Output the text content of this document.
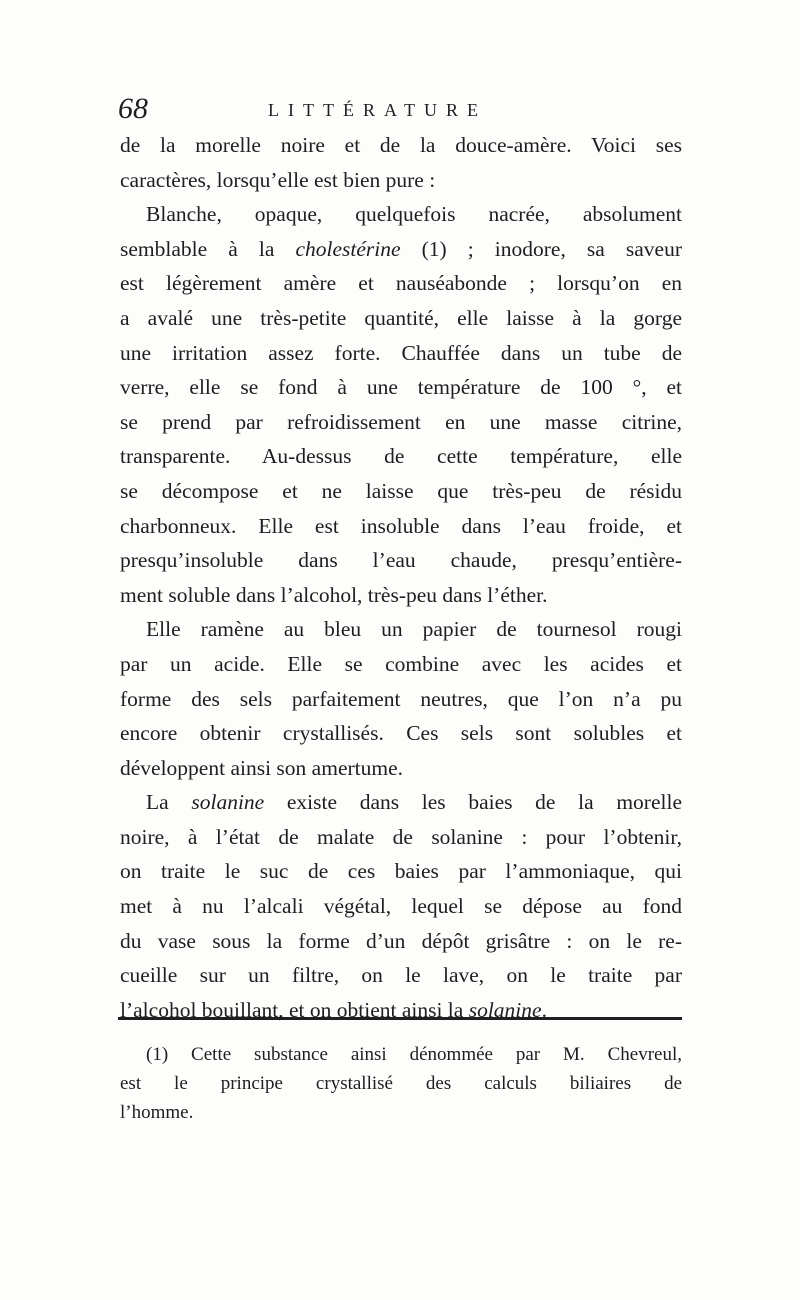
68	LITTÉRATURE
de la morelle noire et de la douce-amère. Voici ses
caractères, lorsqu’elle est bien pure :
Blanche, opaque, quelquefois nacrée, absolument
semblable à la cholestérine (1) ; inodore, sa saveur
est légèrement amère et nauséabonde ; lorsqu’on en
a avalé une très-petite quantité, elle laisse à la gorge
une irritation assez forte. Chauffée dans un tube de
verre, elle se fond à une température de 100 °, et
se prend par refroidissement en une masse citrine,
transparente. Au-dessus de cette température, elle
se décompose et ne laisse que très-peu de résidu
charbonneux. Elle est insoluble dans l’eau froide, et
presqu’insoluble dans l’eau chaude, presqu’entière-
ment soluble dans l’alcohol, très-peu dans l’éther.
Elle ramène au bleu un papier de tournesol rougi
par un acide. Elle se combine avec les acides et
forme des sels parfaitement neutres, que l’on n’a pu
encore obtenir crystallisés. Ces sels sont solubles et
développent ainsi son amertume.
La solanine existe dans les baies de la morelle
noire, à l’état de malate de solanine : pour l’obtenir,
on traite le suc de ces baies par l’ammoniaque, qui
met à nu l’alcali végétal, lequel se dépose au fond
du vase sous la forme d’un dépôt grisâtre : on le re-
cueille sur un filtre, on le lave, on le traite par
l’alcohol bouillant, et on obtient ainsi la solanine.
(1) Cette substance ainsi dénommée par M. Chevreul,
est le principe crystallisé des calculs biliaires de
l’homme.
